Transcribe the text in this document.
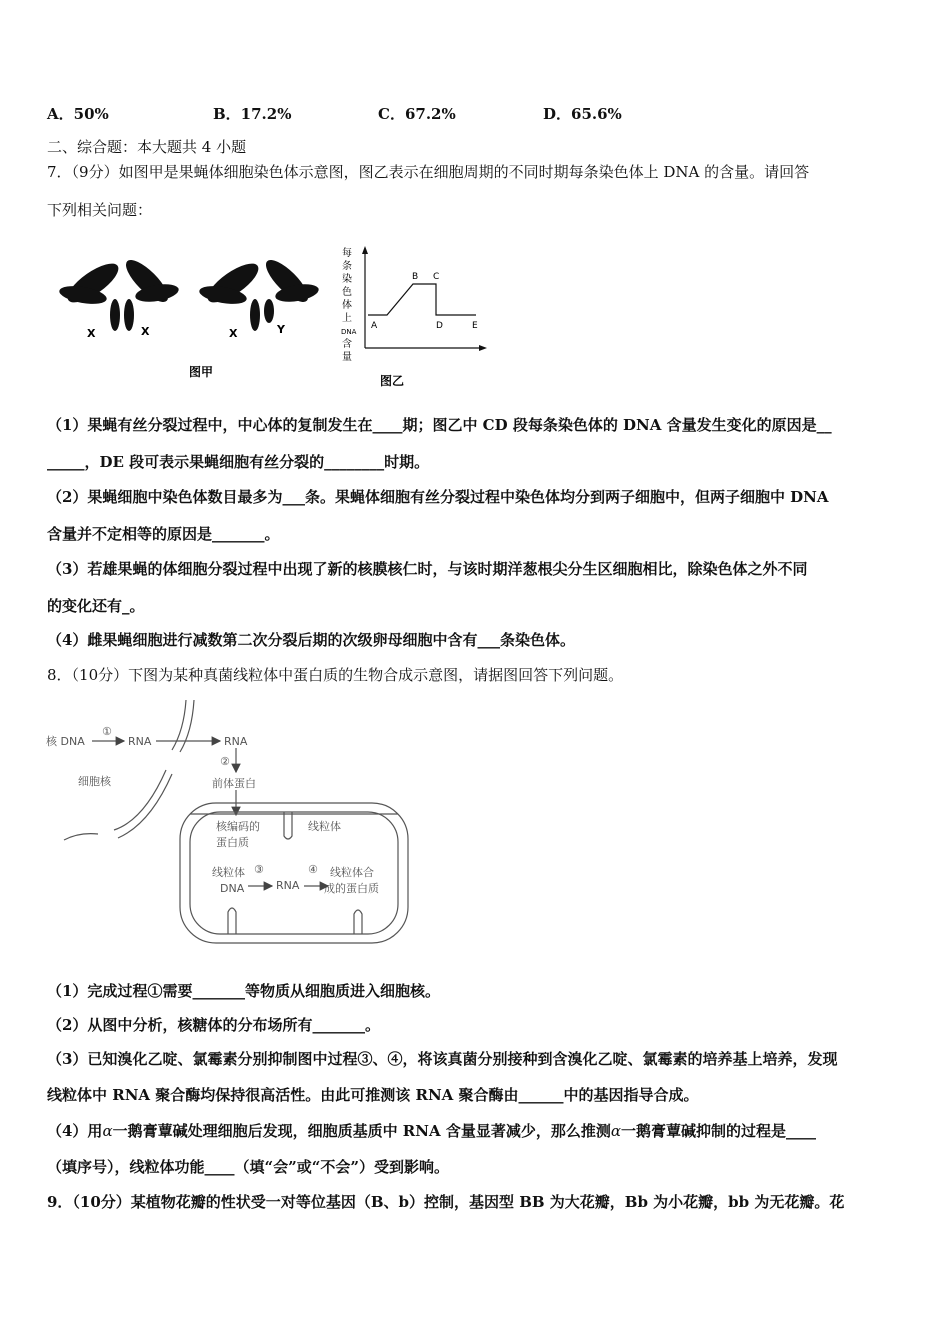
A．50%	B．17.2%	C．67.2%	D．65.6%
二、综合题：本大题共 4 小题
7．（9分）如图甲是果蝇体细胞染色体示意图，图乙表示在细胞周期的不同时期每条染色体上 DNA 的含量。请回答
下列相关问题：
X	X	X	Y
图甲
每
条
染
色
体
上
DNA
含
量
A
B C
D	E
图乙
（1）果蝇有丝分裂过程中，中心体的复制发生在____期；图乙中 CD 段每条染色体的 DNA 含量发生变化的原因是__
_____，DE 段可表示果蝇细胞有丝分裂的________时期。
（2）果蝇细胞中染色体数目最多为___条。果蝇体细胞有丝分裂过程中染色体均分到两子细胞中，但两子细胞中 DNA
含量并不定相等的原因是_______。
（3）若雄果蝇的体细胞分裂过程中出现了新的核膜核仁时，与该时期洋葱根尖分生区细胞相比，除染色体之外不同
的变化还有_。
（4）雌果蝇细胞进行减数第二次分裂后期的次级卵母细胞中含有___条染色体。
8．（10分）下图为某种真菌线粒体中蛋白质的生物合成示意图，请据图回答下列问题。
核 DNA
①
RNA	RNA
②
细胞核	前体蛋白
核编码的
蛋白质
线粒体
线粒体
DNA
③
RNA
④ 线粒体合
成的蛋白质
（1）完成过程①需要_______等物质从细胞质进入细胞核。
（2）从图中分析，核糖体的分布场所有_______。
（3）已知溴化乙啶、氯霉素分别抑制图中过程③、④，将该真菌分别接种到含溴化乙啶、氯霉素的培养基上培养，发现
线粒体中 RNA 聚合酶均保持很高活性。由此可推测该 RNA 聚合酶由______中的基因指导合成。
（4）用α一鹅膏蕈碱处理细胞后发现，细胞质基质中 RNA 含量显著减少，那么推测α一鹅膏蕈碱抑制的过程是____
（填序号），线粒体功能____（填“会”或“不会”）受到影响。
9．（10分）某植物花瓣的性状受一对等位基因（B、b）控制，基因型 BB 为大花瓣，Bb 为小花瓣，bb 为无花瓣。花
